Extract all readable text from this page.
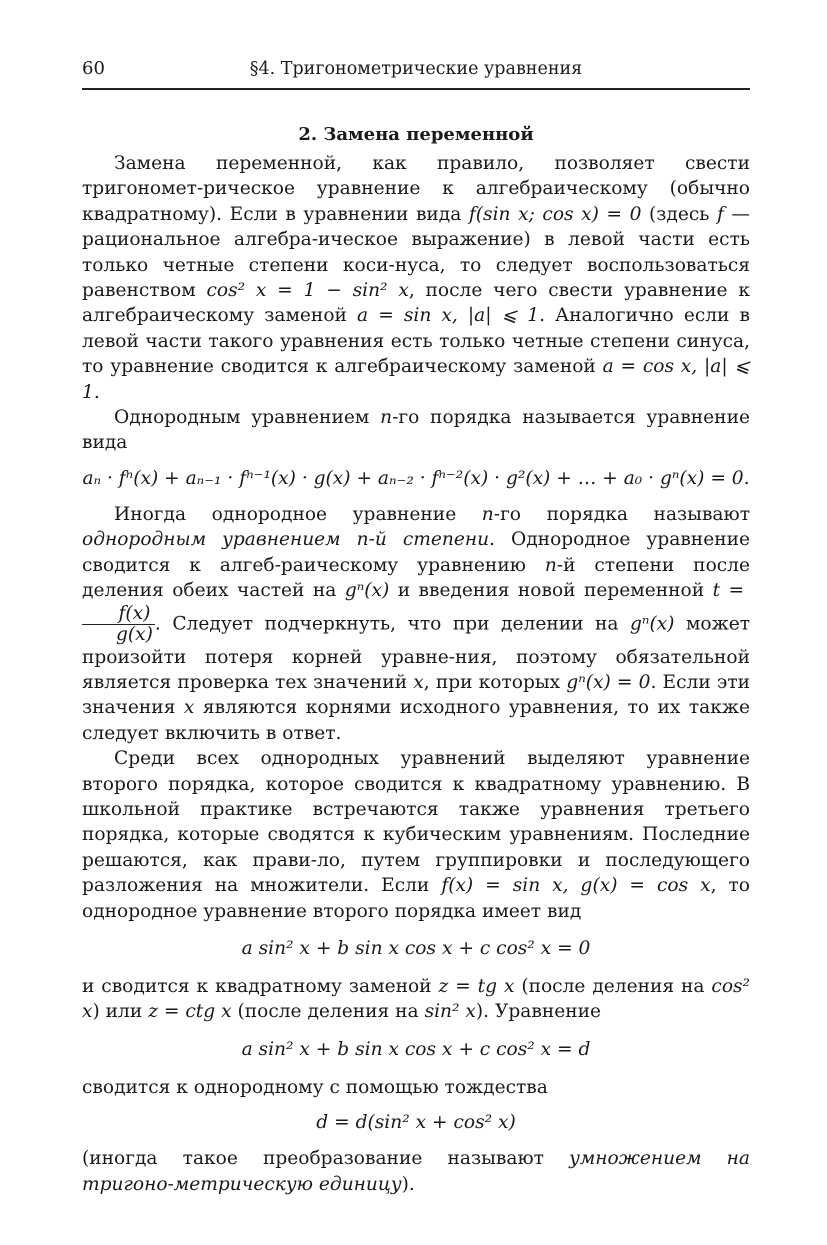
60	§4. Тригонометрические уравнения
2. Замена переменной

Замена переменной, как правило, позволяет свести тригономет-рическое уравнение к алгебраическому (обычно квадратному). Если в уравнении вида f(sin x; cos x) = 0 (здесь f — рациональное алгебра-ическое выражение) в левой части есть только четные степени коси-нуса, то следует воспользоваться равенством cos² x = 1 − sin² x, после чего свести уравнение к алгебраическому заменой a = sin x, |a| ⩽ 1. Аналогично если в левой части такого уравнения есть только четные степени синуса, то уравнение сводится к алгебраическому заменой a = cos x, |a| ⩽ 1.

Однородным уравнением n-го порядка называется уравнение вида

aₙ · fⁿ(x) + aₙ₋₁ · fⁿ⁻¹(x) · g(x) + aₙ₋₂ · fⁿ⁻²(x) · g²(x) + … + a₀ · gⁿ(x) = 0.

Иногда однородное уравнение n-го порядка называют однородным уравнением n-й степени. Однородное уравнение сводится к алгеб-раическому уравнению n-й степени после деления обеих частей на gⁿ(x) и введения новой переменной t =
$\frac{f(x)}{g(x)}$ . Следует подчеркнуть, что при делении на gⁿ(x) может произойти потеря корней уравне-ния, поэтому обязательной является проверка тех значений x, при которых gⁿ(x) = 0. Если эти значения x являются корнями исходного уравнения, то их также следует включить в ответ.

Среди всех однородных уравнений выделяют уравнение второго порядка, которое сводится к квадратному уравнению. В школьной практике встречаются также уравнения третьего порядка, которые сводятся к кубическим уравнениям. Последние решаются, как прави-ло, путем группировки и последующего разложения на множители. Если f(x) = sin x, g(x) = cos x, то однородное уравнение второго порядка имеет вид

a sin² x + b sin x cos x + c cos² x = 0

и сводится к квадратному заменой z = tg x (после деления на cos² x) или z = ctg x (после деления на sin² x). Уравнение

a sin² x + b sin x cos x + c cos² x = d

сводится к однородному с помощью тождества

d = d(sin² x + cos² x)

(иногда такое преобразование называют умножением на тригоно-метрическую единицу).
